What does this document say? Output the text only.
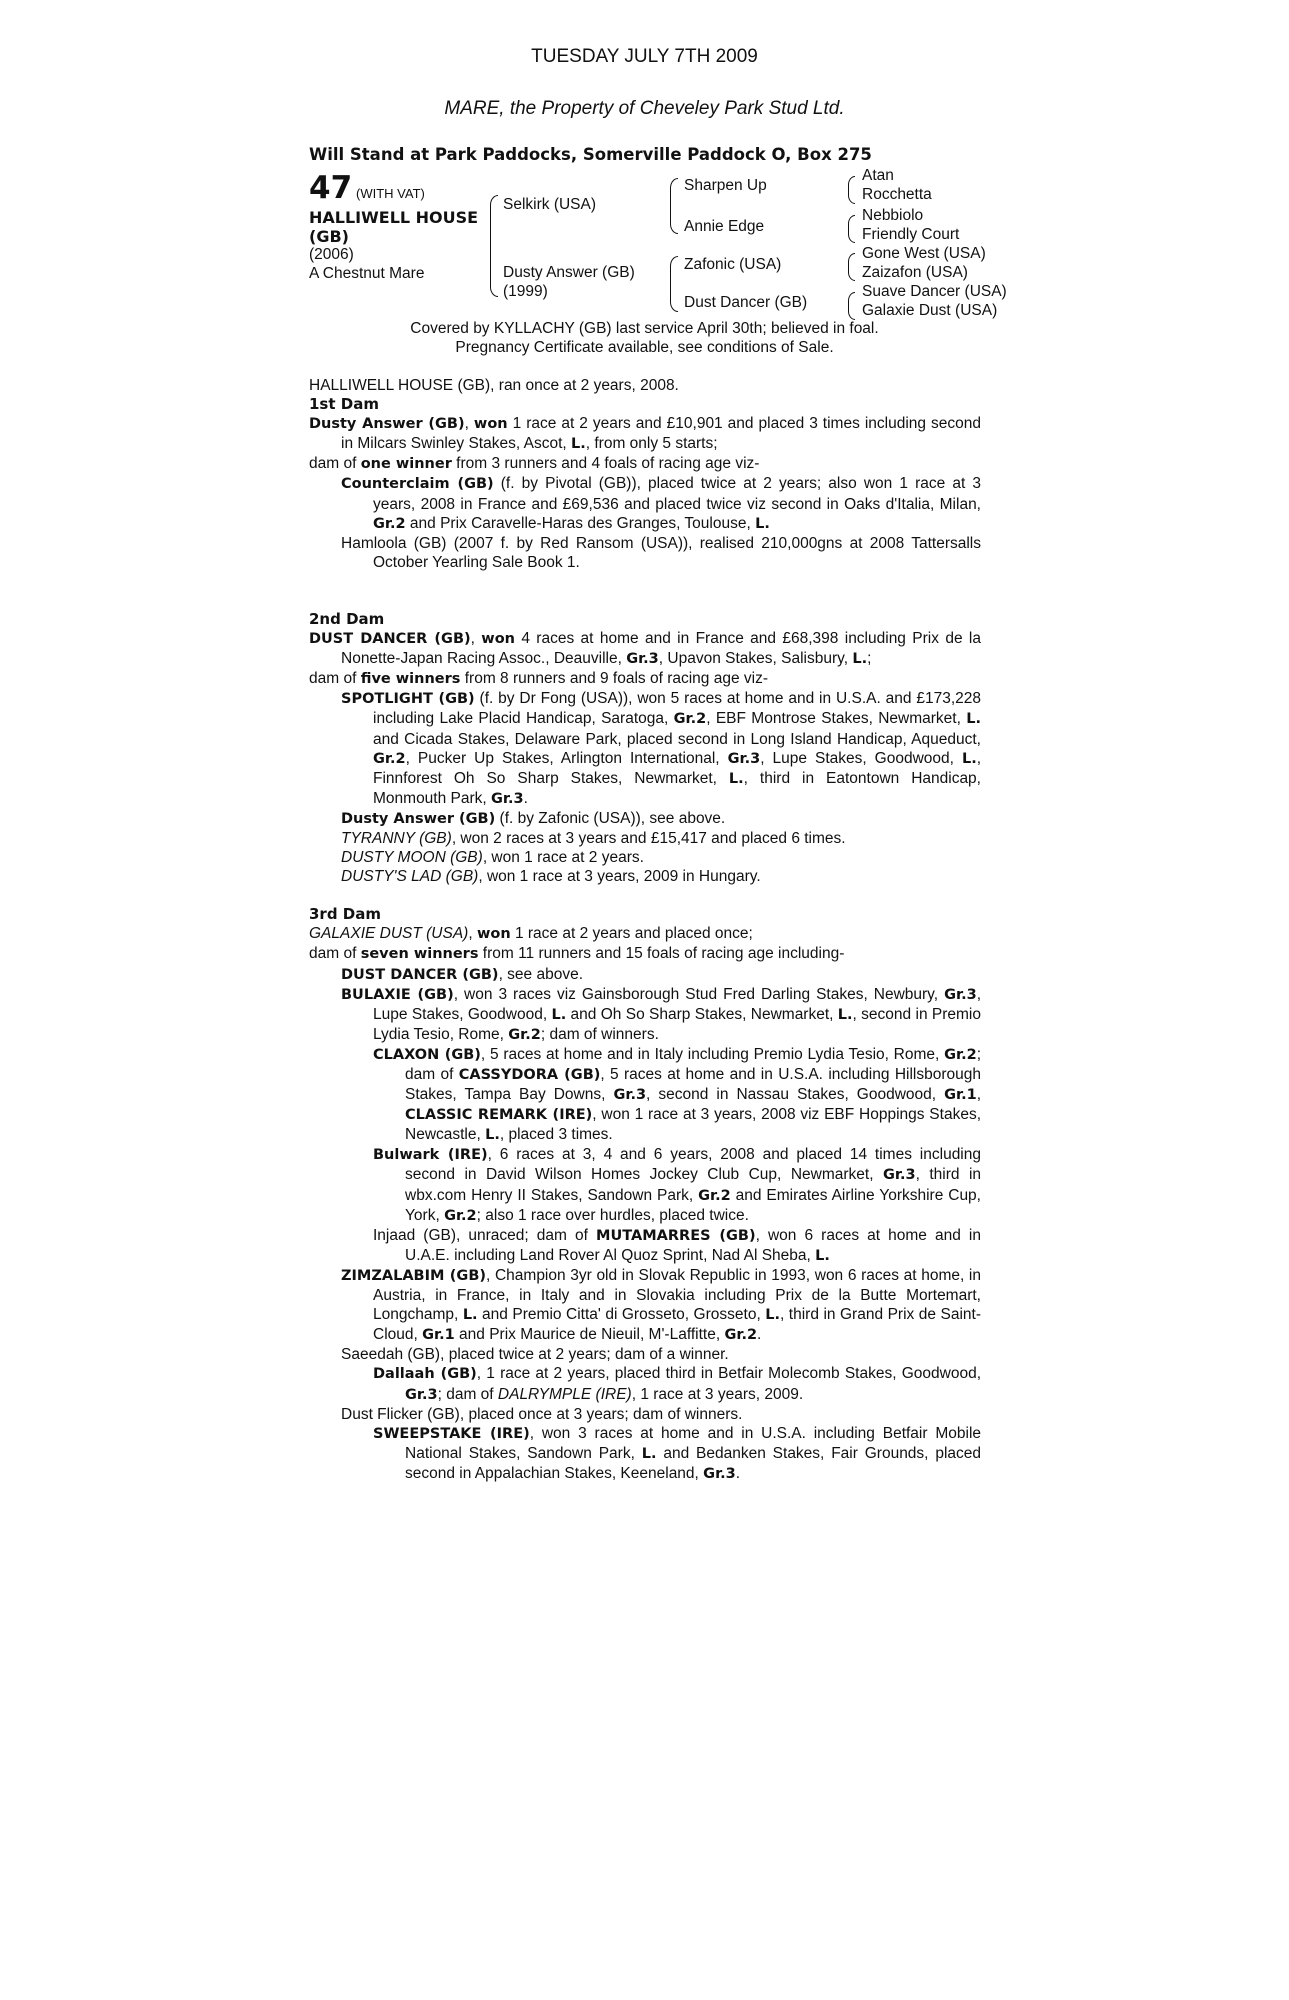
TUESDAY JULY 7TH 2009
MARE, the Property of Cheveley Park Stud Ltd.
Will Stand at Park Paddocks, Somerville Paddock O, Box 275
47 (WITH VAT)
HALLIWELL HOUSE (GB)
(2006)
A Chestnut Mare
Selkirk (USA)
Dusty Answer (GB)
(1999)
Sharpen Up
Annie Edge
Zafonic (USA)
Dust Dancer (GB)
Atan
Rocchetta
Nebbiolo
Friendly Court
Gone West (USA)
Zaizafon (USA)
Suave Dancer (USA)
Galaxie Dust (USA)
Covered by KYLLACHY (GB) last service April 30th; believed in foal.
Pregnancy Certificate available, see conditions of Sale.

HALLIWELL HOUSE (GB), ran once at 2 years, 2008.

1st Dam

Dusty Answer (GB), won 1 race at 2 years and £10,901 and placed 3 times including second in Milcars Swinley Stakes, Ascot, L., from only 5 starts;

dam of one winner from 3 runners and 4 foals of racing age viz-

Counterclaim (GB) (f. by Pivotal (GB)), placed twice at 2 years; also won 1 race at 3 years, 2008 in France and £69,536 and placed twice viz second in Oaks d'Italia, Milan, Gr.2 and Prix Caravelle-Haras des Granges, Toulouse, L.

Hamloola (GB) (2007 f. by Red Ransom (USA)), realised 210,000gns at 2008 Tattersalls October Yearling Sale Book 1.

2nd Dam

DUST DANCER (GB), won 4 races at home and in France and £68,398 including Prix de la Nonette-Japan Racing Assoc., Deauville, Gr.3, Upavon Stakes, Salisbury, L.;

dam of five winners from 8 runners and 9 foals of racing age viz-

SPOTLIGHT (GB) (f. by Dr Fong (USA)), won 5 races at home and in U.S.A. and £173,228 including Lake Placid Handicap, Saratoga, Gr.2, EBF Montrose Stakes, Newmarket, L. and Cicada Stakes, Delaware Park, placed second in Long Island Handicap, Aqueduct, Gr.2, Pucker Up Stakes, Arlington International, Gr.3, Lupe Stakes, Goodwood, L., Finnforest Oh So Sharp Stakes, Newmarket, L., third in Eatontown Handicap, Monmouth Park, Gr.3.

Dusty Answer (GB) (f. by Zafonic (USA)), see above.

TYRANNY (GB), won 2 races at 3 years and £15,417 and placed 6 times.

DUSTY MOON (GB), won 1 race at 2 years.

DUSTY'S LAD (GB), won 1 race at 3 years, 2009 in Hungary.

3rd Dam

GALAXIE DUST (USA), won 1 race at 2 years and placed once;

dam of seven winners from 11 runners and 15 foals of racing age including-

DUST DANCER (GB), see above.

BULAXIE (GB), won 3 races viz Gainsborough Stud Fred Darling Stakes, Newbury, Gr.3, Lupe Stakes, Goodwood, L. and Oh So Sharp Stakes, Newmarket, L., second in Premio Lydia Tesio, Rome, Gr.2; dam of winners.

CLAXON (GB), 5 races at home and in Italy including Premio Lydia Tesio, Rome, Gr.2; dam of CASSYDORA (GB), 5 races at home and in U.S.A. including Hillsborough Stakes, Tampa Bay Downs, Gr.3, second in Nassau Stakes, Goodwood, Gr.1, CLASSIC REMARK (IRE), won 1 race at 3 years, 2008 viz EBF Hoppings Stakes, Newcastle, L., placed 3 times.

Bulwark (IRE), 6 races at 3, 4 and 6 years, 2008 and placed 14 times including second in David Wilson Homes Jockey Club Cup, Newmarket, Gr.3, third in wbx.com Henry II Stakes, Sandown Park, Gr.2 and Emirates Airline Yorkshire Cup, York, Gr.2; also 1 race over hurdles, placed twice.

Injaad (GB), unraced; dam of MUTAMARRES (GB), won 6 races at home and in U.A.E. including Land Rover Al Quoz Sprint, Nad Al Sheba, L.

ZIMZALABIM (GB), Champion 3yr old in Slovak Republic in 1993, won 6 races at home, in Austria, in France, in Italy and in Slovakia including Prix de la Butte Mortemart, Longchamp, L. and Premio Citta' di Grosseto, Grosseto, L., third in Grand Prix de Saint-Cloud, Gr.1 and Prix Maurice de Nieuil, M'-Laffitte, Gr.2.

Saeedah (GB), placed twice at 2 years; dam of a winner.

Dallaah (GB), 1 race at 2 years, placed third in Betfair Molecomb Stakes, Goodwood, Gr.3; dam of DALRYMPLE (IRE), 1 race at 3 years, 2009.

Dust Flicker (GB), placed once at 3 years; dam of winners.

SWEEPSTAKE (IRE), won 3 races at home and in U.S.A. including Betfair Mobile National Stakes, Sandown Park, L. and Bedanken Stakes, Fair Grounds, placed second in Appalachian Stakes, Keeneland, Gr.3.
